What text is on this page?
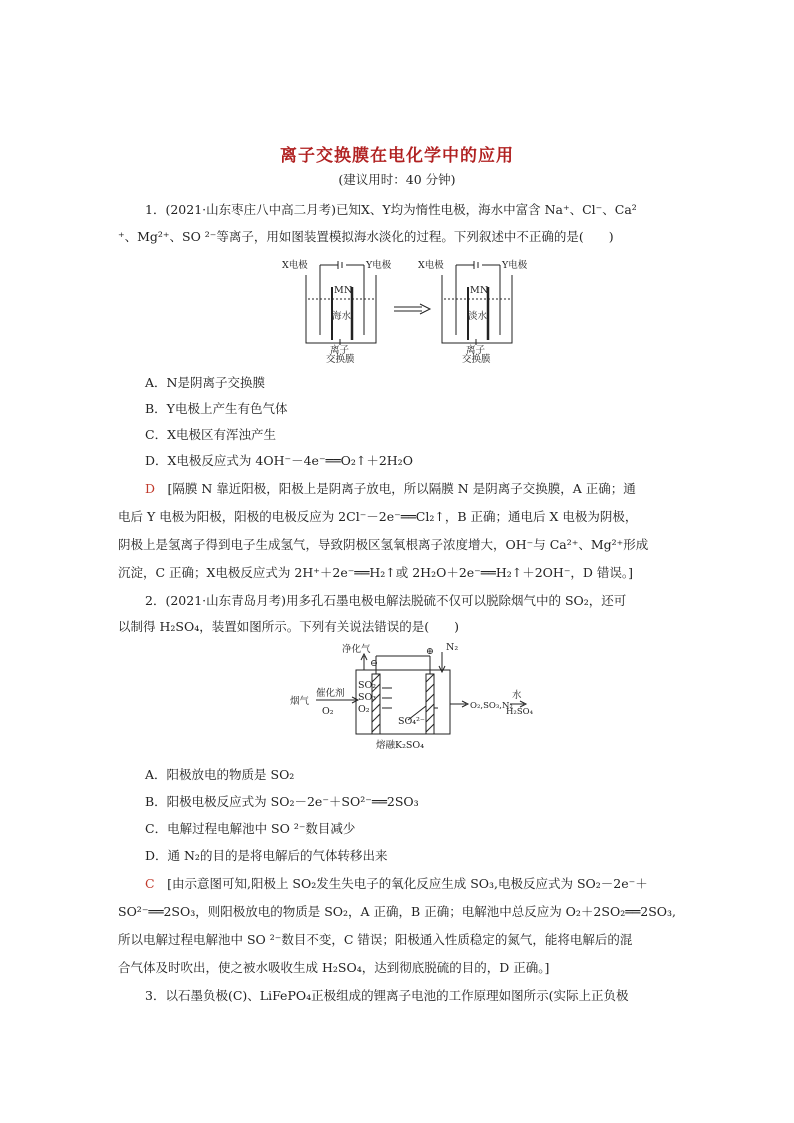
离子交换膜在电化学中的应用
(建议用时：40 分钟)
1．(2021·山东枣庄八中高二月考)已知X、Y均为惰性电极，海水中富含 Na⁺、Cl⁻、Ca²
⁺、Mg²⁺、SO ²⁻等离子，用如图装置模拟海水淡化的过程。下列叙述中不正确的是(　　)
X电极	Y电极	X电极	Y电极
M N	M N
海水	淡水
离子
交换膜
离子
交换膜
A．N是阴离子交换膜
B．Y电极上产生有色气体
C．X电极区有浑浊产生
D．X电极反应式为 4OH⁻－4e⁻══O₂↑＋2H₂O
D　 [隔膜 N 靠近阳极，阳极上是阴离子放电，所以隔膜 N 是阴离子交换膜，A 正确；通
电后 Y 电极为阳极，阳极的电极反应为 2Cl⁻－2e⁻══Cl₂↑，B 正确；通电后 X 电极为阴极，
阴极上是氢离子得到电子生成氢气，导致阴极区氢氧根离子浓度增大，OH⁻与 Ca²⁺、Mg²⁺形成
沉淀，C 正确；X电极反应式为 2H⁺＋2e⁻══H₂↑或 2H₂O＋2e⁻══H₂↑＋2OH⁻，D 错误。]
2．(2021·山东青岛月考)用多孔石墨电极电解法脱硫不仅可以脱除烟气中的 SO₂，还可
以制得 H₂SO₄，装置如图所示。下列有关说法错误的是(　　)
净化气	N₂
⊖
⊕
烟气
催化剂
O₂
SO₂
SO₃
O₂
SO₄²⁻
O₂,SO₃,N₂
水
H₂SO₄
熔融K₂SO₄
A．阳极放电的物质是 SO₂
B．阳极电极反应式为 SO₂－2e⁻＋SO²⁻══2SO₃
C．电解过程电解池中 SO ²⁻数目减少
D．通 N₂的目的是将电解后的气体转移出来
C　 [由示意图可知,阳极上 SO₂发生失电子的氧化反应生成 SO₃,电极反应式为 SO₂－2e⁻＋
SO²⁻══2SO₃，则阳极放电的物质是 SO₂，A 正确，B 正确；电解池中总反应为 O₂＋2SO₂══2SO₃,
所以电解过程电解池中 SO ²⁻数目不变，C 错误；阳极通入性质稳定的氮气，能将电解后的混
合气体及时吹出，使之被水吸收生成 H₂SO₄，达到彻底脱硫的目的，D 正确。]
3．以石墨负极(C)、LiFePO₄正极组成的锂离子电池的工作原理如图所示(实际上正负极
